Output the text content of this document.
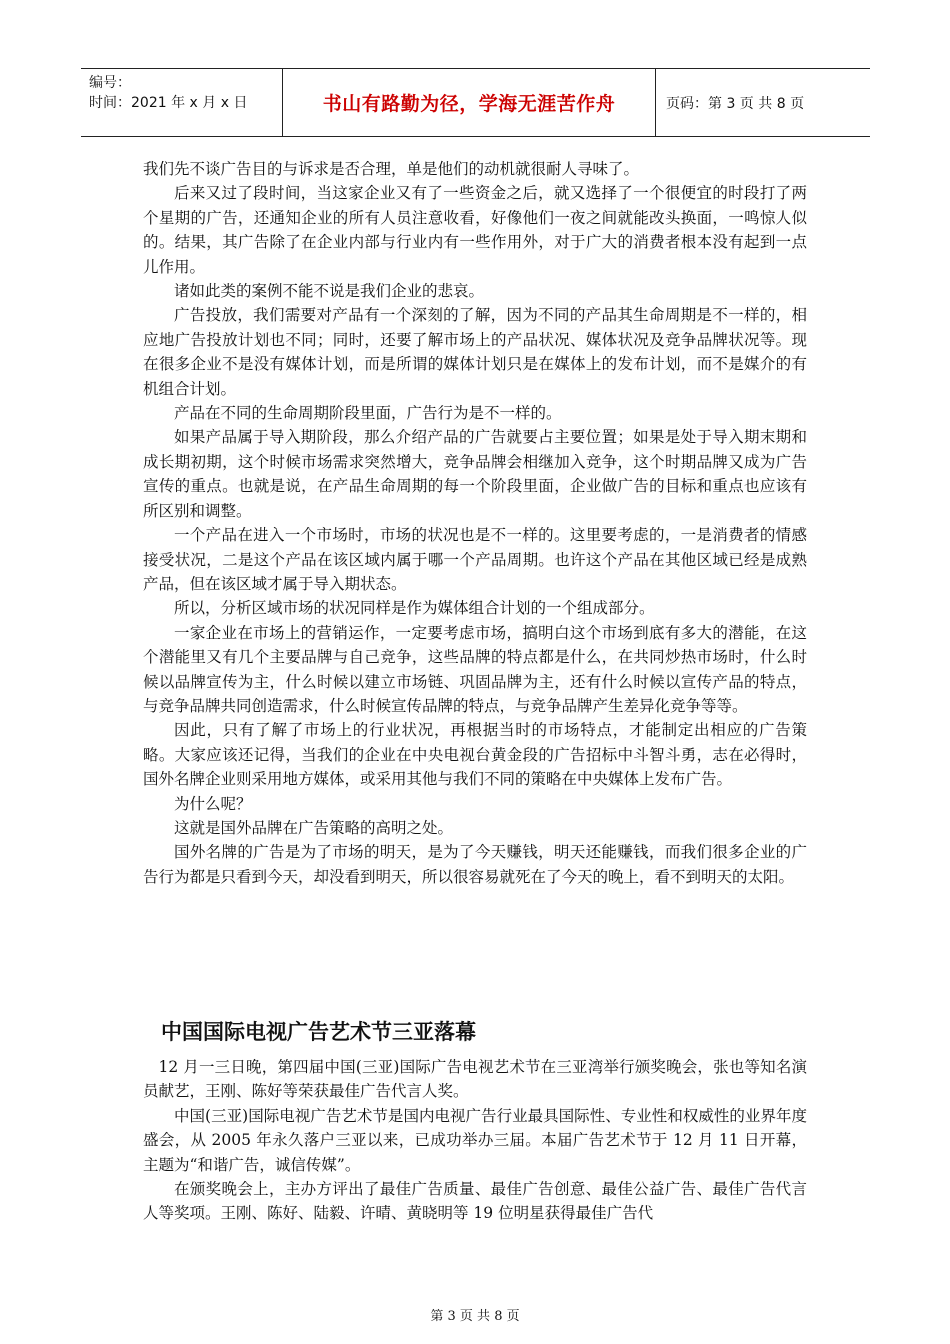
编号：
时间：2021 年 x 月 x 日	书山有路勤为径，学海无涯苦作舟	页码：第 3 页 共 8 页

我们先不谈广告目的与诉求是否合理，单是他们的动机就很耐人寻味了。

后来又过了段时间，当这家企业又有了一些资金之后，就又选择了一个很便宜的时段打了两个星期的广告，还通知企业的所有人员注意收看，好像他们一夜之间就能改头换面，一鸣惊人似的。结果，其广告除了在企业内部与行业内有一些作用外，对于广大的消费者根本没有起到一点儿作用。

诸如此类的案例不能不说是我们企业的悲哀。

广告投放，我们需要对产品有一个深刻的了解，因为不同的产品其生命周期是不一样的，相应地广告投放计划也不同；同时，还要了解市场上的产品状况、媒体状况及竞争品牌状况等。现在很多企业不是没有媒体计划，而是所谓的媒体计划只是在媒体上的发布计划，而不是媒介的有机组合计划。

产品在不同的生命周期阶段里面，广告行为是不一样的。

如果产品属于导入期阶段，那么介绍产品的广告就要占主要位置；如果是处于导入期末期和成长期初期，这个时候市场需求突然增大，竞争品牌会相继加入竞争，这个时期品牌又成为广告宣传的重点。也就是说，在产品生命周期的每一个阶段里面，企业做广告的目标和重点也应该有所区别和调整。

一个产品在进入一个市场时，市场的状况也是不一样的。这里要考虑的，一是消费者的情感接受状况，二是这个产品在该区域内属于哪一个产品周期。也许这个产品在其他区域已经是成熟产品，但在该区域才属于导入期状态。

所以，分析区域市场的状况同样是作为媒体组合计划的一个组成部分。

一家企业在市场上的营销运作，一定要考虑市场，搞明白这个市场到底有多大的潜能，在这个潜能里又有几个主要品牌与自己竞争，这些品牌的特点都是什么，在共同炒热市场时，什么时候以品牌宣传为主，什么时候以建立市场链、巩固品牌为主，还有什么时候以宣传产品的特点，与竞争品牌共同创造需求，什么时候宣传品牌的特点，与竞争品牌产生差异化竞争等等。

因此，只有了解了市场上的行业状况，再根据当时的市场特点，才能制定出相应的广告策略。大家应该还记得，当我们的企业在中央电视台黄金段的广告招标中斗智斗勇，志在必得时，国外名牌企业则采用地方媒体，或采用其他与我们不同的策略在中央媒体上发布广告。

为什么呢？

这就是国外品牌在广告策略的高明之处。

国外名牌的广告是为了市场的明天，是为了今天赚钱，明天还能赚钱，而我们很多企业的广告行为都是只看到今天，却没看到明天，所以很容易就死在了今天的晚上，看不到明天的太阳。

中国国际电视广告艺术节三亚落幕

12 月一三日晚，第四届中国(三亚)国际广告电视艺术节在三亚湾举行颁奖晚会，张也等知名演员献艺，王刚、陈好等荣获最佳广告代言人奖。

中国(三亚)国际电视广告艺术节是国内电视广告行业最具国际性、专业性和权威性的业界年度盛会，从 2005 年永久落户三亚以来，已成功举办三届。本届广告艺术节于 12 月 11 日开幕，主题为“和谐广告，诚信传媒”。

在颁奖晚会上，主办方评出了最佳广告质量、最佳广告创意、最佳公益广告、最佳广告代言人等奖项。王刚、陈好、陆毅、许晴、黄晓明等 19 位明星获得最佳广告代

第 3 页 共 8 页
